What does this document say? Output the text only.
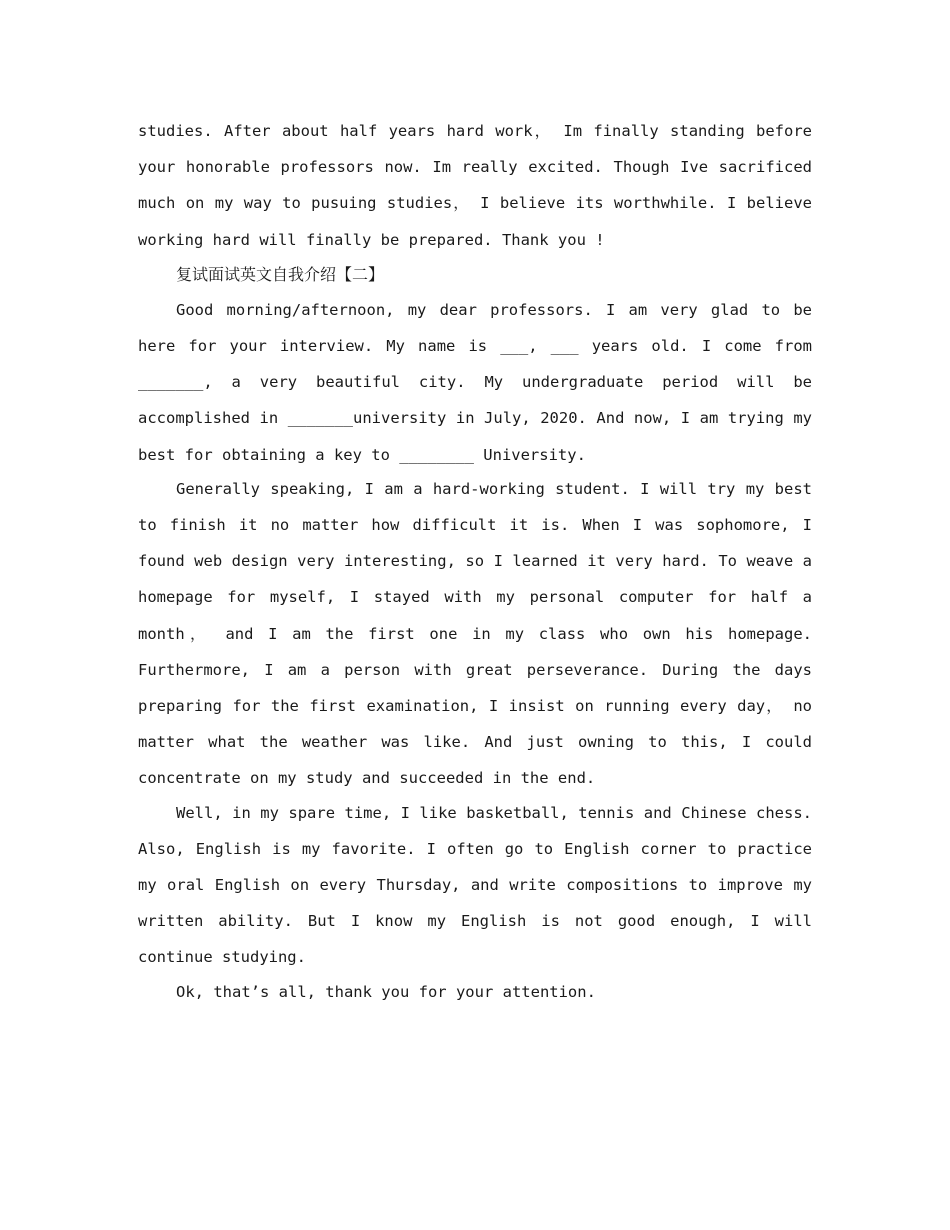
studies. After about half years hard work， Im finally standing before your honorable professors now. Im really excited. Though Ive sacrificed much on my way to pusuing studies， I believe its worthwhile. I believe working hard will finally be prepared. Thank you !

复试面试英文自我介绍【二】

Good morning/afternoon, my dear professors. I am very glad to be here for your interview. My name is ___, ___ years old. I come from _______, a very beautiful city. My undergraduate period will be accomplished in _______university in July, 2020. And now, I am trying my best for obtaining a key to ________ University.

Generally speaking, I am a hard-working student. I will try my best to finish it no matter how difficult it is. When I was sophomore, I found web design very interesting, so I learned it very hard. To weave a homepage for myself, I stayed with my personal computer for half a month， and I am the first one in my class who own his homepage. Furthermore, I am a person with great perseverance. During the days preparing for the first examination, I insist on running every day， no matter what the weather was like. And just owning to this, I could concentrate on my study and succeeded in the end.

Well, in my spare time, I like basketball, tennis and Chinese chess. Also, English is my favorite. I often go to English corner to practice my oral English on every Thursday, and write compositions to improve my written ability. But I know my English is not good enough, I will continue studying.

Ok, that’s all, thank you for your attention.
